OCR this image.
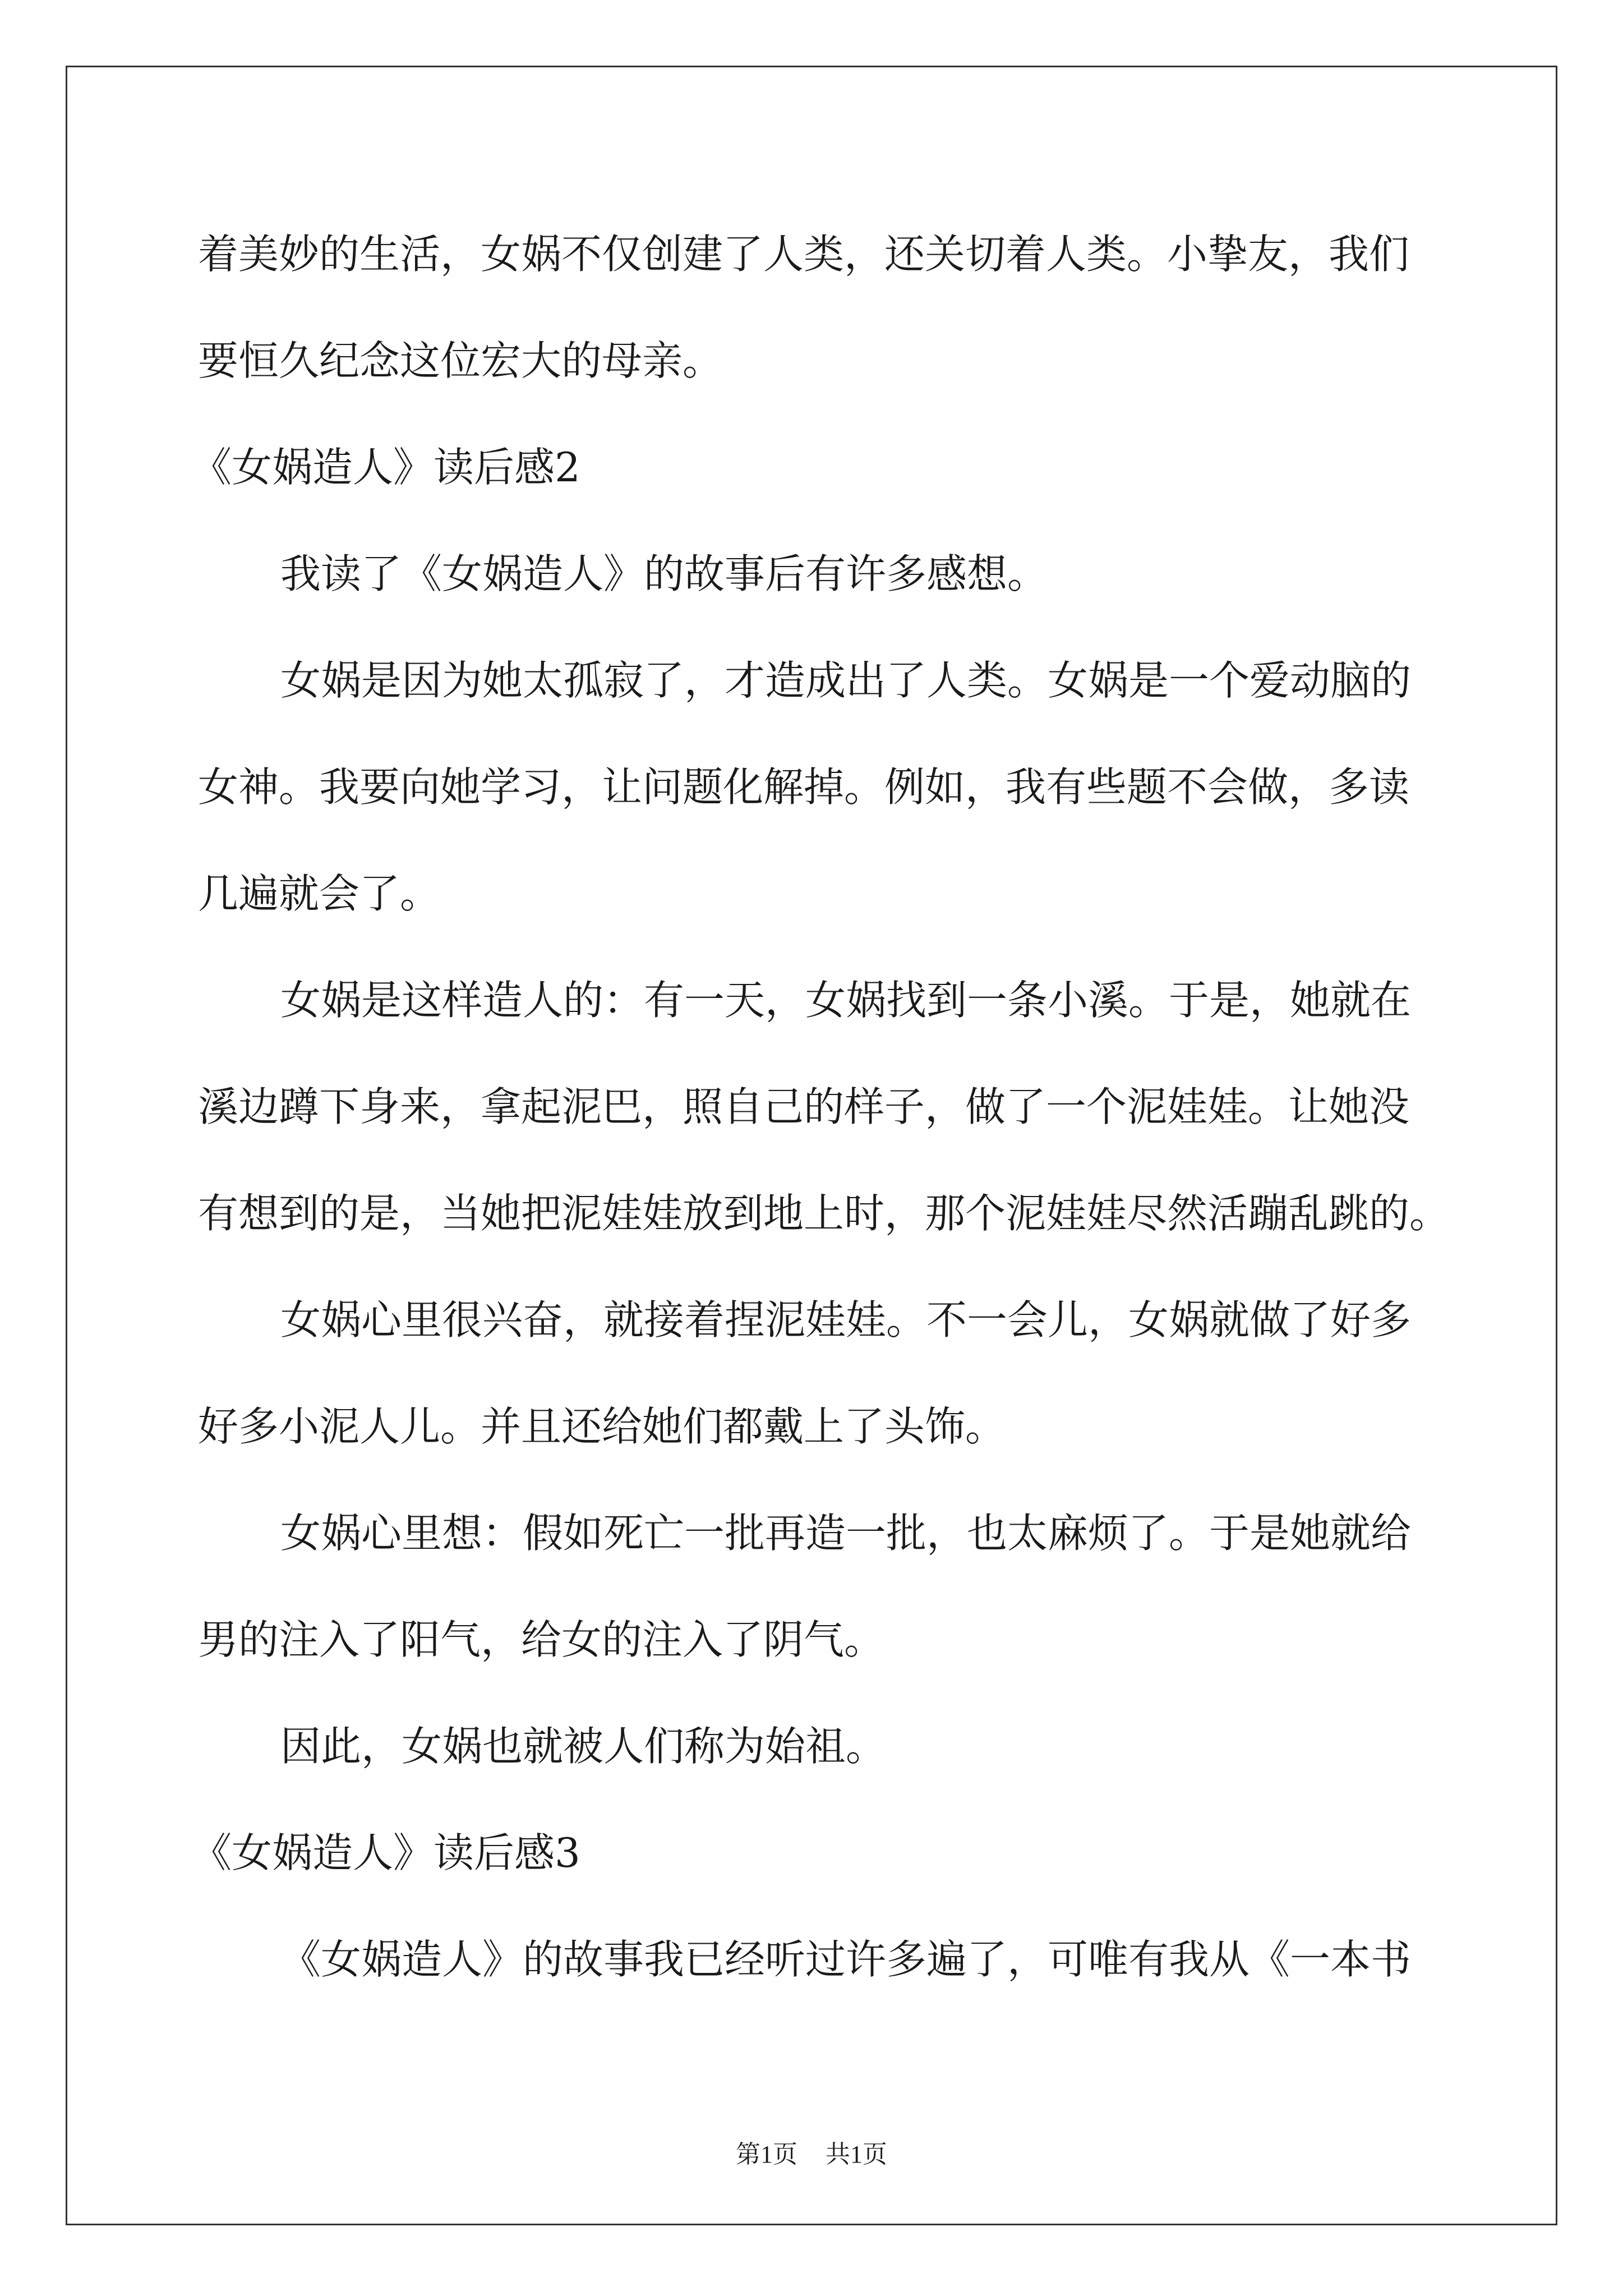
着美妙的生活，女娲不仅创建了人类，还关切着人类。小挚友，我们
要恒久纪念这位宏大的母亲。
《女娲造人》读后感2
我读了《女娲造人》的故事后有许多感想。
女娲是因为她太孤寂了，才造成出了人类。女娲是一个爱动脑的
女神。我要向她学习，让问题化解掉。例如，我有些题不会做，多读
几遍就会了。
女娲是这样造人的：有一天，女娲找到一条小溪。于是，她就在
溪边蹲下身来，拿起泥巴，照自己的样子，做了一个泥娃娃。让她没
有想到的是，当她把泥娃娃放到地上时，那个泥娃娃尽然活蹦乱跳的。
女娲心里很兴奋，就接着捏泥娃娃。不一会儿，女娲就做了好多
好多小泥人儿。并且还给她们都戴上了头饰。
女娲心里想：假如死亡一批再造一批，也太麻烦了。于是她就给
男的注入了阳气，给女的注入了阴气。
因此，女娲也就被人们称为始祖。
《女娲造人》读后感3
《女娲造人》的故事我已经听过许多遍了，可唯有我从《一本书
第1页 共1页
